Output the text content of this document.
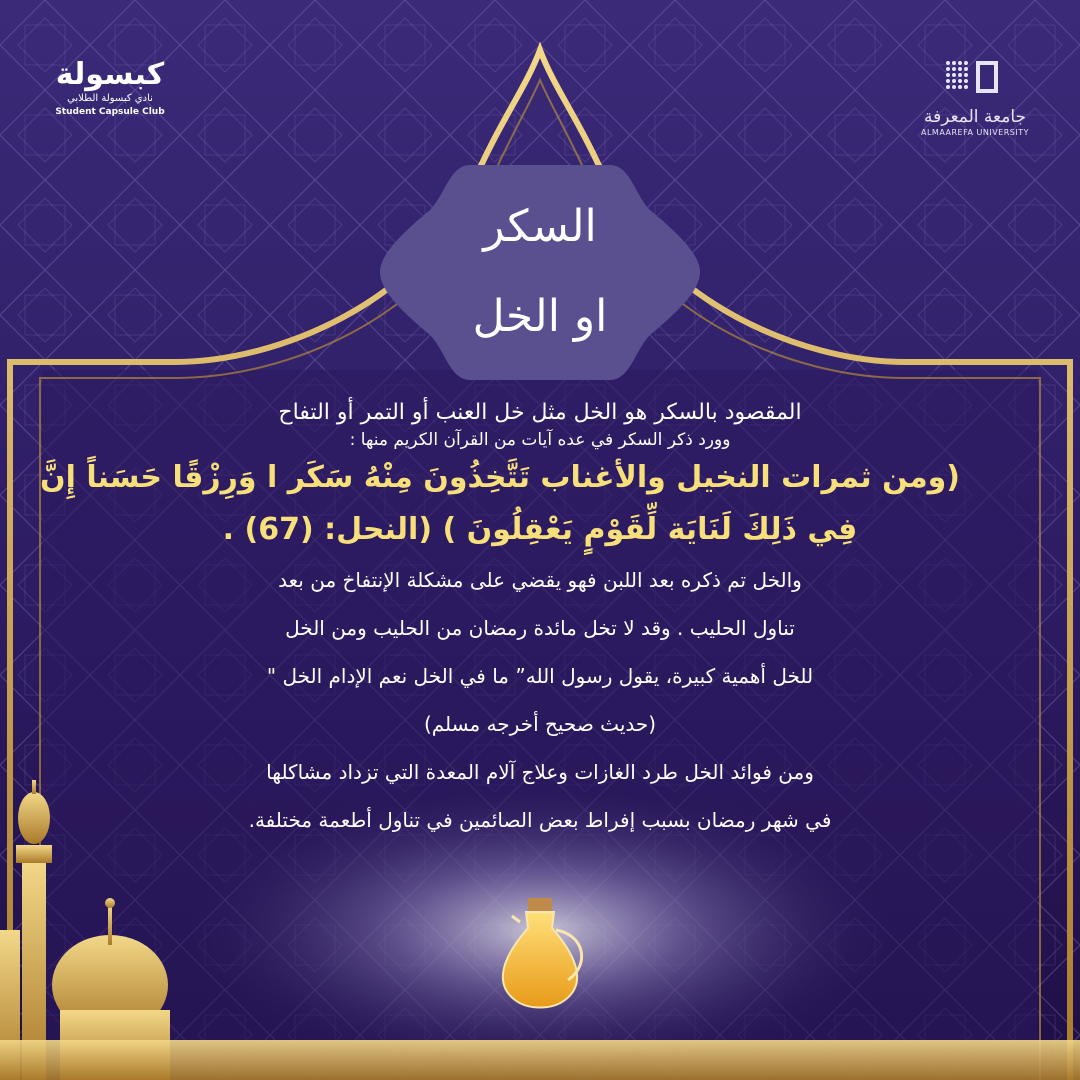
كبسولة
نادي كبسولة الطلابي
Student Capsule Club	جامعة المعرفة
ALMAAREFA UNIVERSITY
السكر
او الخل
المقصود بالسكر هو الخل مثل خل العنب أو التمر أو التفاح
وورد ذكر السكر في عده آيات من القرآن الكريم منها :
(ومن ثمرات النخيل والأغناب تَتَّخِذُونَ مِنْهُ سَكَر ا وَرِزْقًا حَسَناً إِنَّ
فِي ذَلِكَ لَنَايَة لِّقَوْمٍ يَعْقِلُونَ ) (النحل: (67) .
والخل تم ذكره بعد اللبن فهو يقضي على مشكلة الإنتفاخ من بعد
تناول الحليب . وقد لا تخل مائدة رمضان من الحليب ومن الخل
للخل أهمية كبيرة، يقول رسول الله” ما في الخل نعم الإدام الخل "
(حديث صحيح أخرجه مسلم)
ومن فوائد الخل طرد الغازات وعلاج آلام المعدة التي تزداد مشاكلها
في شهر رمضان بسبب إفراط بعض الصائمين في تناول أطعمة مختلفة.
